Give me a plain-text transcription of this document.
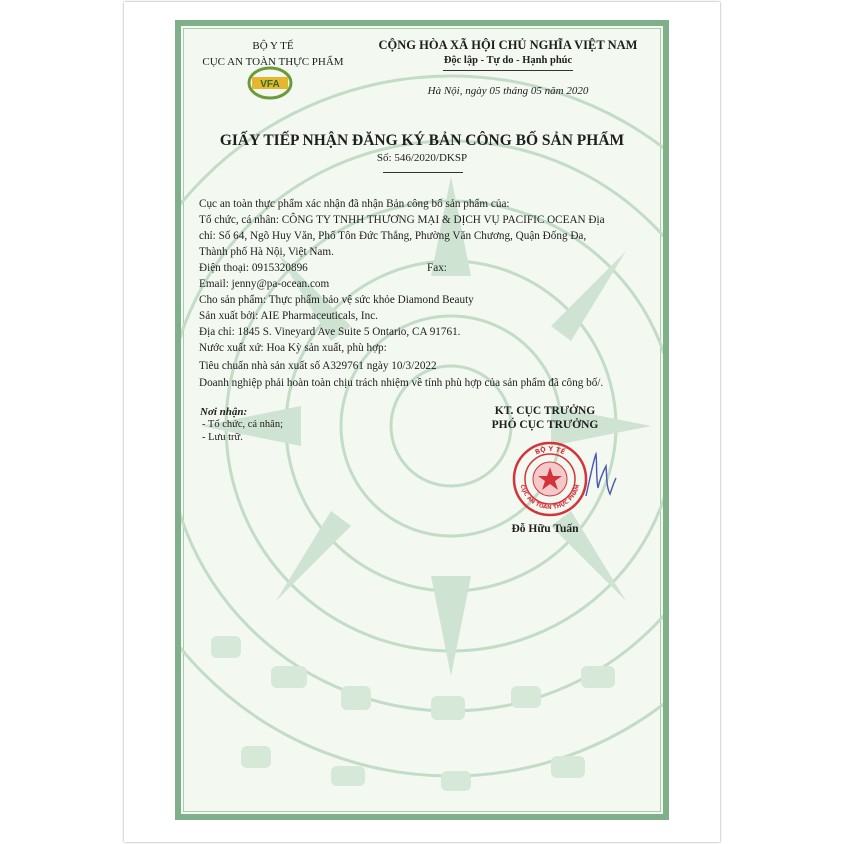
VFA
BỘ Y TẾ
CỤC AN TOÀN THỰC PHẨM
CỘNG HÒA XÃ HỘI CHỦ NGHĨA VIỆT NAM
Độc lập - Tự do - Hạnh phúc
Hà Nội, ngày 05 tháng 05 năm 2020
GIẤY TIẾP NHẬN ĐĂNG KÝ BẢN CÔNG BỐ SẢN PHẨM
Số: 546/2020/DKSP
Cục an toàn thực phẩm xác nhận đã nhận Bản công bố sản phẩm của:
Tổ chức, cá nhân: CÔNG TY TNHH THƯƠNG MẠI & DỊCH VỤ PACIFIC OCEAN Địa
chỉ: Số 64, Ngõ Huy Văn, Phố Tôn Đức Thắng, Phường Văn Chương, Quận Đống Đa,
Thành phố Hà Nội, Việt Nam.
Điện thoại: 0915320896	Fax:
Email: jenny@pa-ocean.com
Cho sản phẩm: Thực phẩm bảo vệ sức khỏe Diamond Beauty
Sản xuất bởi: AIE Pharmaceuticals, Inc.
Địa chỉ: 1845 S. Vineyard Ave Suite 5 Ontario, CA 91761.
Nước xuất xứ: Hoa Kỳ sản xuất, phù hợp:
Tiêu chuẩn nhà sản xuất số A329761 ngày 10/3/2022
Doanh nghiệp phải hoàn toàn chịu trách nhiệm về tính phù hợp của sản phẩm đã công bố/.
Nơi nhận:
- Tổ chức, cá nhân;
- Lưu trữ.
KT. CỤC TRƯỞNG
PHÓ CỤC TRƯỞNG
BỘ Y TẾ
CỤC AN TOÀN THỰC PHẨM
Đỗ Hữu Tuấn
